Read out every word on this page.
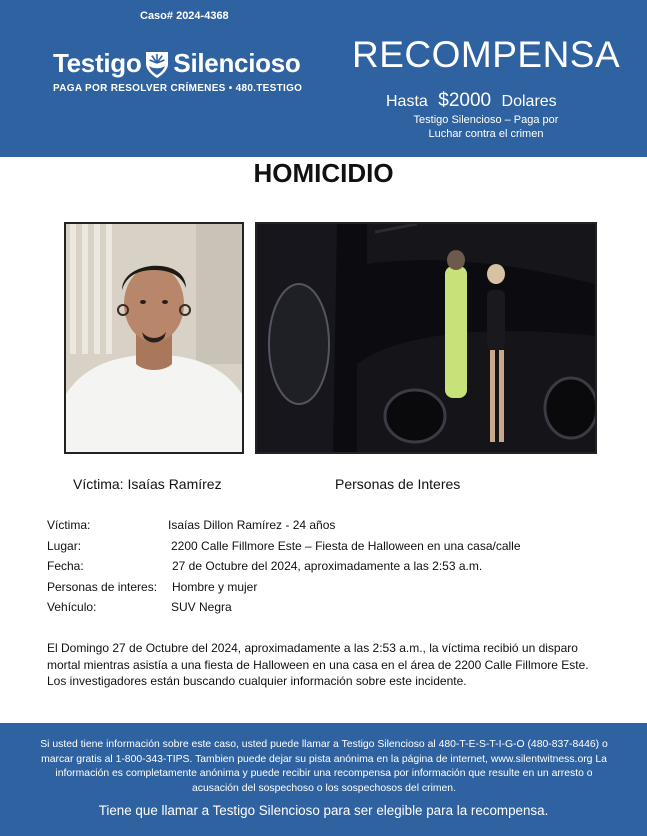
Caso# 2024-4368
Testigo Silencioso
PAGA POR RESOLVER CRÍMENES • 480.TESTIGO
RECOMPENSA
Hasta $2000 Dolares
Testigo Silencioso – Paga por Luchar contra el crimen
HOMICIDIO
Víctima: Isaías Ramírez	Personas de Interes
Víctima:	Isaías Dillon Ramírez - 24 años
Lugar:	2200 Calle Fillmore Este – Fiesta de Halloween en una casa/calle
Fecha:	27 de Octubre del 2024, aproximadamente a las 2:53 a.m.
Personas de interes: Hombre y mujer
Vehículo:	SUV Negra
El Domingo 27 de Octubre del 2024, aproximadamente a las 2:53 a.m., la víctima recibió un disparo mortal mientras asistía a una fiesta de Halloween en una casa en el área de 2200 Calle Fillmore Este. Los investigadores están buscando cualquier información sobre este incidente.
Si usted tiene información sobre este caso, usted puede llamar a Testigo Silencioso al 480-T-E-S-T-I-G-O (480-837-8446) o marcar gratis al 1-800-343-TIPS. Tambien puede dejar su pista anónima en la página de internet, www.silentwitness.org La información es completamente anónima y puede recibir una recompensa por información que resulte en un arresto o acusación del sospechoso o los sospechosos del crimen.
Tiene que llamar a Testigo Silencioso para ser elegible para la recompensa.
